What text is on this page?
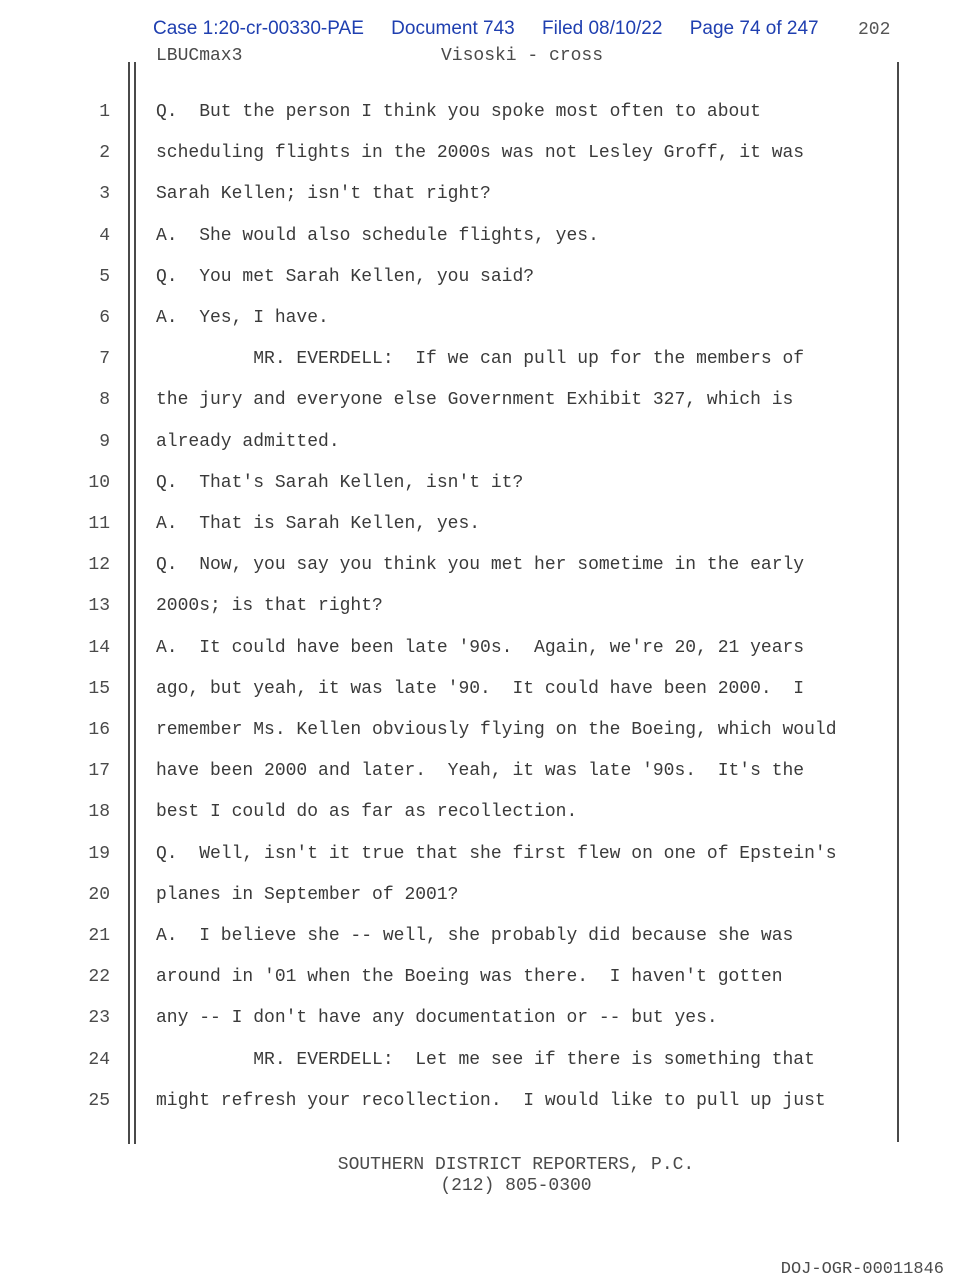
Case 1:20-cr-00330-PAE Document 743 Filed 08/10/22 Page 74 of 247 202
LBUCmax3	Visoski - cross
1	Q.  But the person I think you spoke most often to about
2	scheduling flights in the 2000s was not Lesley Groff, it was
3	Sarah Kellen; isn't that right?
4	A.  She would also schedule flights, yes.
5	Q.  You met Sarah Kellen, you said?
6	A.  Yes, I have.
7	MR. EVERDELL:  If we can pull up for the members of
8	the jury and everyone else Government Exhibit 327, which is
9	already admitted.
10	Q.  That's Sarah Kellen, isn't it?
11	A.  That is Sarah Kellen, yes.
12	Q.  Now, you say you think you met her sometime in the early
13	2000s; is that right?
14	A.  It could have been late '90s.  Again, we're 20, 21 years
15	ago, but yeah, it was late '90.  It could have been 2000.  I
16	remember Ms. Kellen obviously flying on the Boeing, which would
17	have been 2000 and later.  Yeah, it was late '90s.  It's the
18	best I could do as far as recollection.
19	Q.  Well, isn't it true that she first flew on one of Epstein's
20	planes in September of 2001?
21	A.  I believe she -- well, she probably did because she was
22	around in '01 when the Boeing was there.  I haven't gotten
23	any -- I don't have any documentation or -- but yes.
24	MR. EVERDELL:  Let me see if there is something that
25	might refresh your recollection.  I would like to pull up just
SOUTHERN DISTRICT REPORTERS, P.C.
(212) 805-0300
DOJ-OGR-00011846
